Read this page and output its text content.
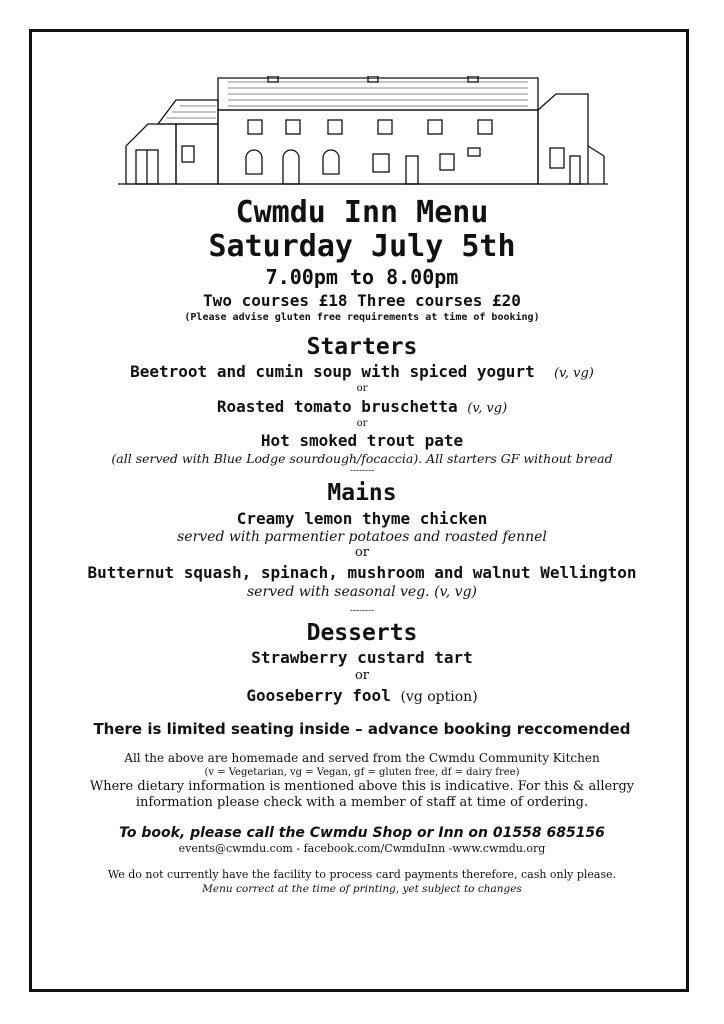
Cwmdu Inn Menu
Saturday July 5th
7.00pm to 8.00pm
Two courses £18 Three courses £20
(Please advise gluten free requirements at time of booking)
Starters
Beetroot and cumin soup with spiced yogurt (v, vg)
or
Roasted tomato bruschetta (v, vg)
or
Hot smoked trout pate
(all served with Blue Lodge sourdough/focaccia). All starters GF without bread
--------
Mains
Creamy lemon thyme chicken
served with parmentier potatoes and roasted fennel
or
Butternut squash, spinach, mushroom and walnut Wellington
served with seasonal veg. (v, vg)
--------
Desserts
Strawberry custard tart
or
Gooseberry fool (vg option)
There is limited seating inside – advance booking reccomended
All the above are homemade and served from the Cwmdu Community Kitchen
(v = Vegetarian, vg = Vegan, gf = gluten free, df = dairy free)
Where dietary information is mentioned above this is indicative. For this & allergy
information please check with a member of staff at time of ordering.
To book, please call the Cwmdu Shop or Inn on 01558 685156
events@cwmdu.com - facebook.com/CwmduInn -www.cwmdu.org
We do not currently have the facility to process card payments therefore, cash only please.
Menu correct at the time of printing, yet subject to changes
